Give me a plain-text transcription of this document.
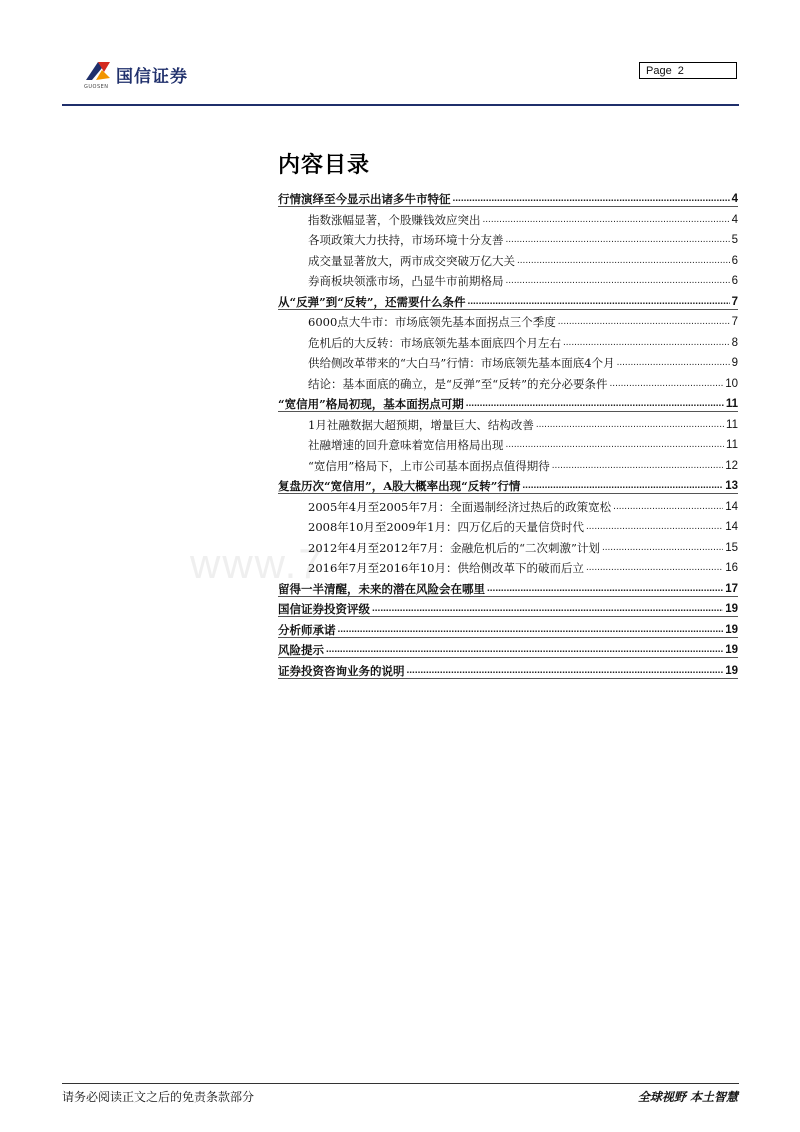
国信证券
GUOSEN
Page 2
www.7
内容目录
行情演绎至今显示出诸多牛市特征 .....	4
指数涨幅显著，个股赚钱效应突出 .....	4
各项政策大力扶持，市场环境十分友善 .....	5
成交量显著放大，两市成交突破万亿大关 .....	6
券商板块领涨市场，凸显牛市前期格局 .....	6
从“反弹”到“反转”，还需要什么条件 .....	7
6000点大牛市：市场底领先基本面拐点三个季度 .....	7
危机后的大反转：市场底领先基本面底四个月左右 .....	8
供给侧改革带来的“大白马”行情：市场底领先基本面底4个月 .....	9
结论：基本面底的确立，是“反弹”至“反转”的充分必要条件 .....	10
“宽信用”格局初现，基本面拐点可期 .....	11
1月社融数据大超预期，增量巨大、结构改善 .....	11
社融增速的回升意味着宽信用格局出现 .....	11
“宽信用”格局下，上市公司基本面拐点值得期待 .....	12
复盘历次“宽信用”，A股大概率出现“反转”行情 .....	13
2005年4月至2005年7月：全面遏制经济过热后的政策宽松 .....	14
2008年10月至2009年1月：四万亿后的天量信贷时代 .....	14
2012年4月至2012年7月：金融危机后的“二次刺激”计划 .....	15
2016年7月至2016年10月：供给侧改革下的破而后立 .....	16
留得一半清醒，未来的潜在风险会在哪里 .....	17
国信证券投资评级 .....	19
分析师承诺 .....	19
风险提示 .....	19
证券投资咨询业务的说明 .....	19
请务必阅读正文之后的免责条款部分	全球视野 本土智慧
